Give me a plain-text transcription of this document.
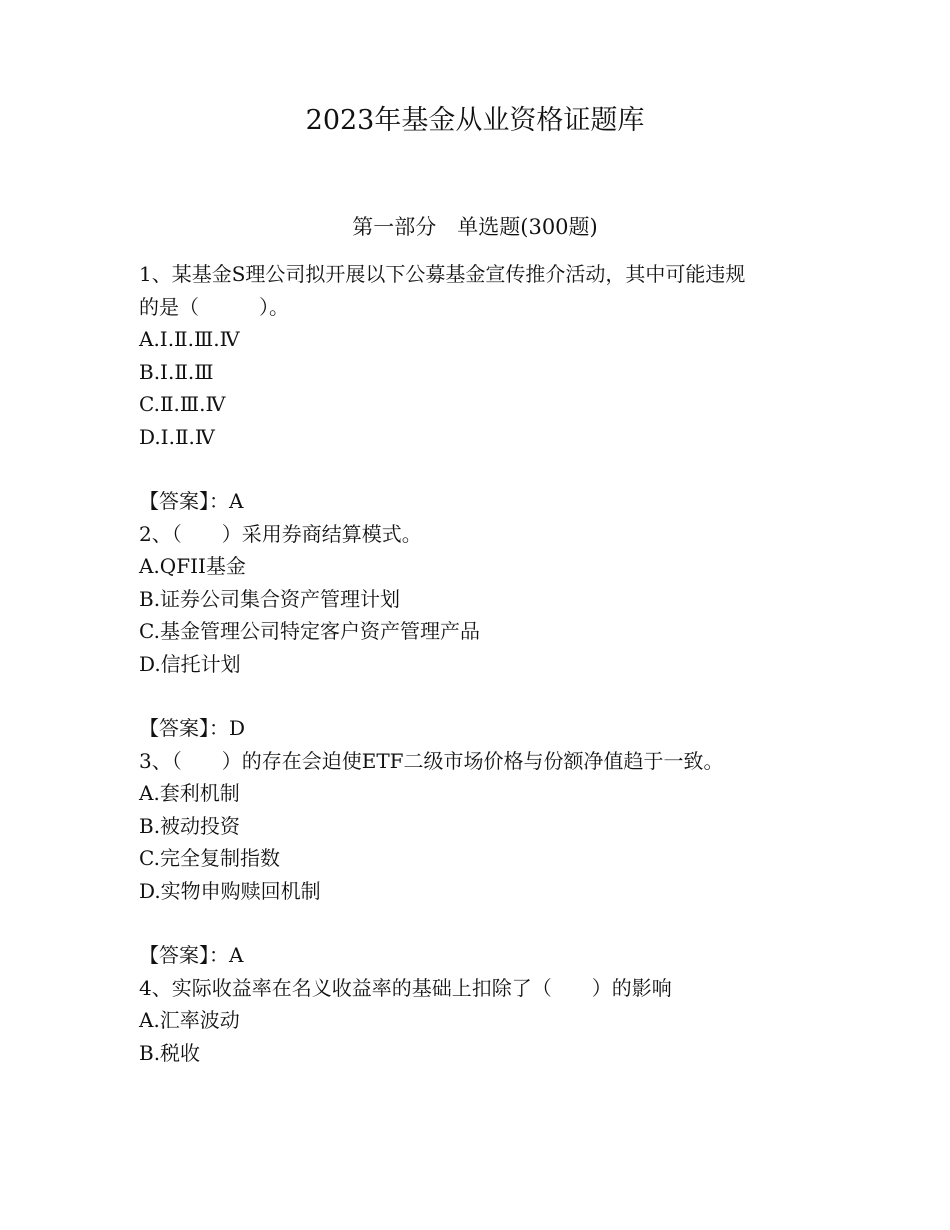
2023年基金从业资格证题库
第一部分　单选题(300题)
1、某基金S理公司拟开展以下公募基金宣传推介活动，其中可能违规
的是（　　　）。
A.Ⅰ.Ⅱ.Ⅲ.Ⅳ
B.Ⅰ.Ⅱ.Ⅲ
C.Ⅱ.Ⅲ.Ⅳ
D.Ⅰ.Ⅱ.Ⅳ
【答案】：A
2、（　　）采用券商结算模式。
A.QFII基金
B.证券公司集合资产管理计划
C.基金管理公司特定客户资产管理产品
D.信托计划
【答案】：D
3、（　　）的存在会迫使ETF二级市场价格与份额净值趋于一致。
A.套利机制
B.被动投资
C.完全复制指数
D.实物申购赎回机制
【答案】：A
4、实际收益率在名义收益率的基础上扣除了（　　）的影响
A.汇率波动
B.税收
